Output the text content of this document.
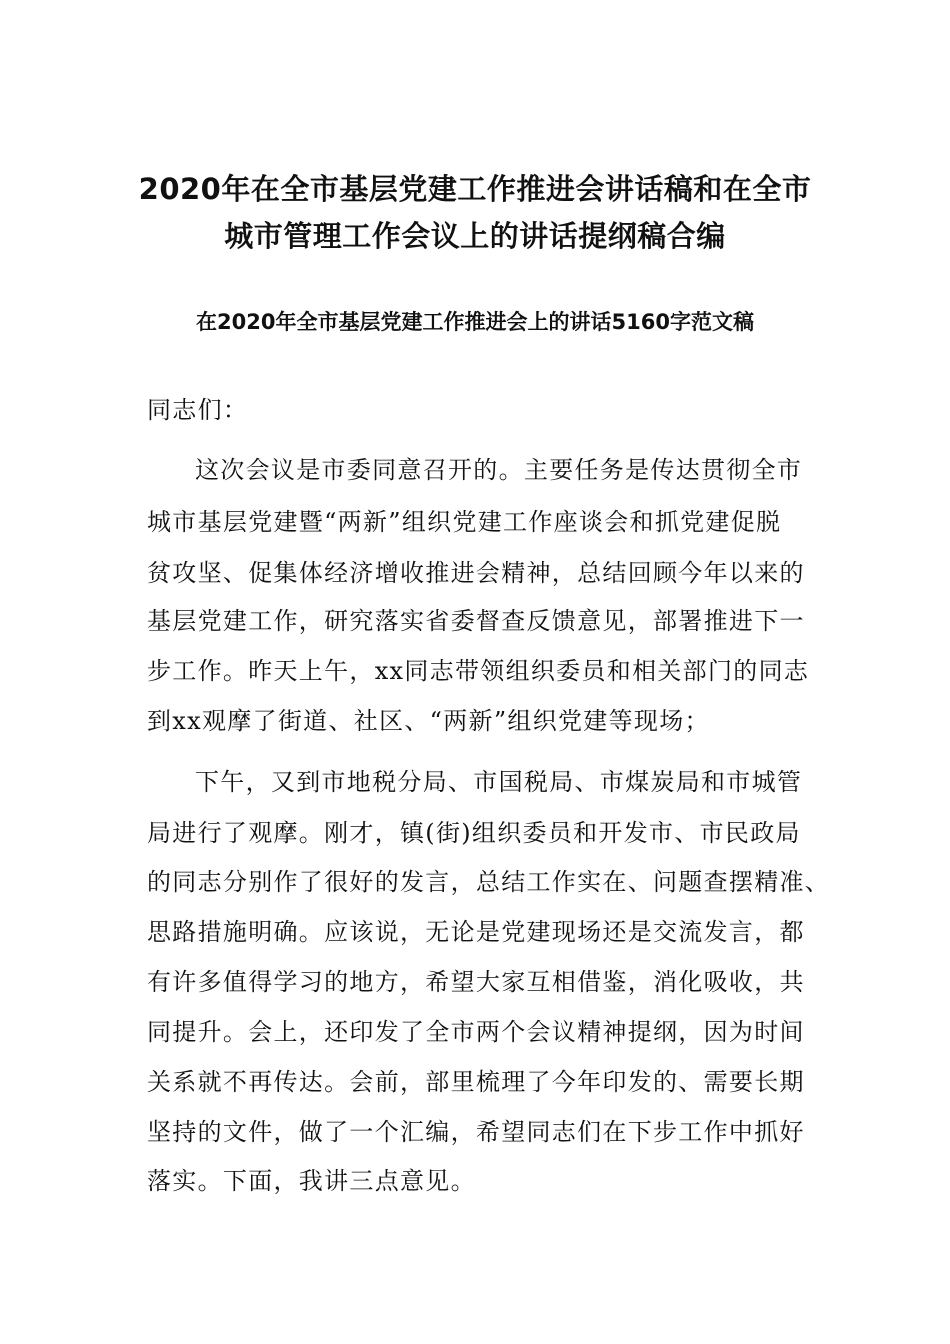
2020年在全市基层党建工作推进会讲话稿和在全市
城市管理工作会议上的讲话提纲稿合编
在2020年全市基层党建工作推进会上的讲话5160字范文稿
同志们：
这次会议是市委同意召开的。主要任务是传达贯彻全市
城市基层党建暨“两新”组织党建工作座谈会和抓党建促脱
贫攻坚、促集体经济增收推进会精神，总结回顾今年以来的
基层党建工作，研究落实省委督查反馈意见，部署推进下一
步工作。昨天上午，xx同志带领组织委员和相关部门的同志
到xx观摩了街道、社区、“两新”组织党建等现场；
下午，又到市地税分局、市国税局、市煤炭局和市城管
局进行了观摩。刚才，镇(街)组织委员和开发市、市民政局
的同志分别作了很好的发言，总结工作实在、问题查摆精准、
思路措施明确。应该说，无论是党建现场还是交流发言，都
有许多值得学习的地方，希望大家互相借鉴，消化吸收，共
同提升。会上，还印发了全市两个会议精神提纲，因为时间
关系就不再传达。会前，部里梳理了今年印发的、需要长期
坚持的文件，做了一个汇编，希望同志们在下步工作中抓好
落实。下面，我讲三点意见。
